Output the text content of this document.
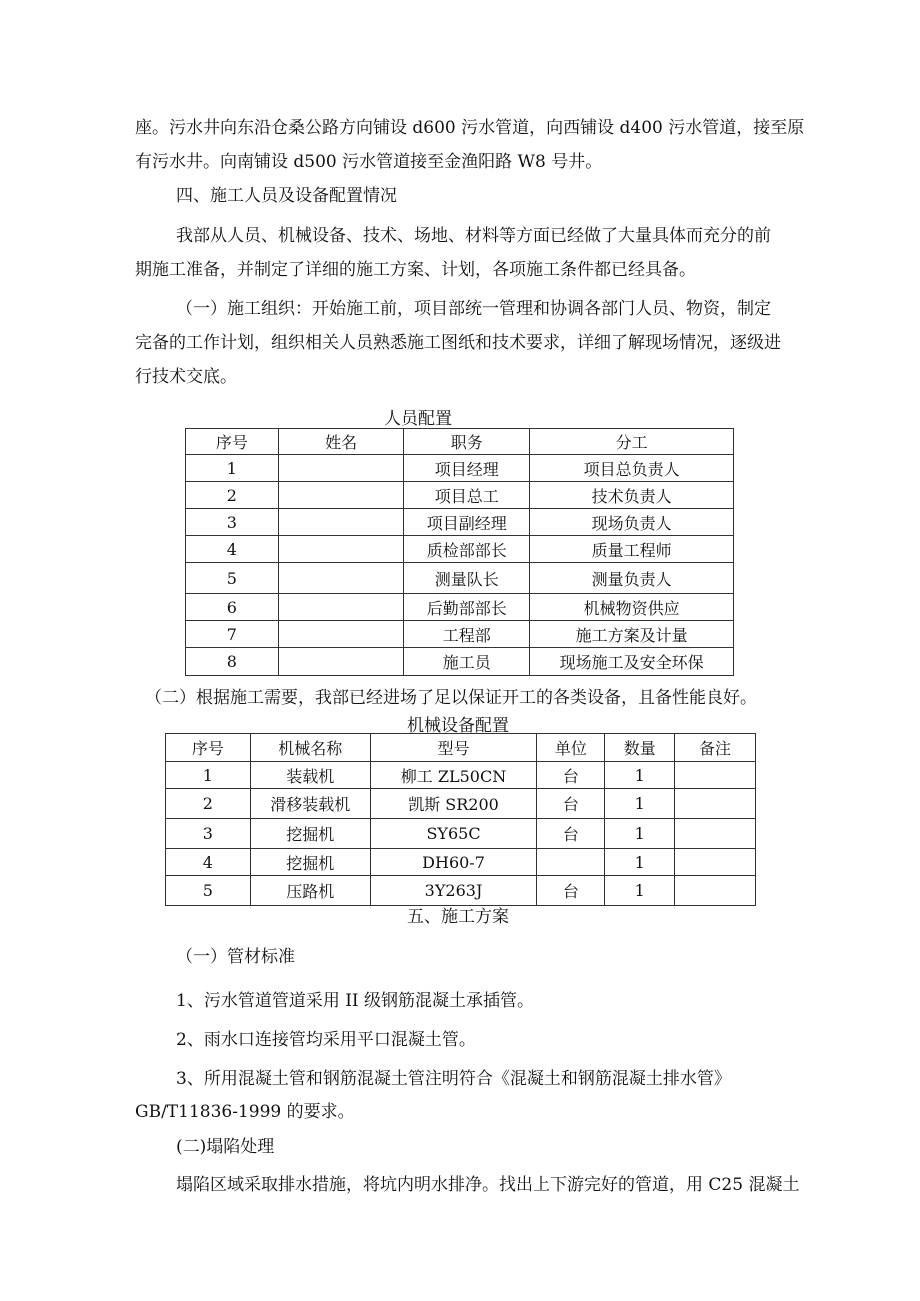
座。污水井向东沿仓桑公路方向铺设 d600 污水管道，向西铺设 d400 污水管道，接至原

有污水井。向南铺设 d500 污水管道接至金渔阳路 W8 号井。

四、施工人员及设备配置情况

我部从人员、机械设备、技术、场地、材料等方面已经做了大量具体而充分的前

期施工准备，并制定了详细的施工方案、计划，各项施工条件都已经具备。

（一）施工组织：开始施工前，项目部统一管理和协调各部门人员、物资，制定

完备的工作计划，组织相关人员熟悉施工图纸和技术要求，详细了解现场情况，逐级进

行技术交底。

人员配置
序号	姓名	职务	分工
1		项目经理	项目总负责人
2		项目总工	技术负责人
3		项目副经理	现场负责人
4		质检部部长	质量工程师
5		测量队长	测量负责人
6		后勤部部长	机械物资供应
7		工程部	施工方案及计量
8		施工员	现场施工及安全环保

（二）根据施工需要，我部已经进场了足以保证开工的各类设备，且备性能良好。

机械设备配置
序号	机械名称	型号	单位	数量	备注
1	装载机	柳工 ZL50CN	台	1	
2	滑移装载机	凯斯 SR200	台	1	
3	挖掘机	SY65C	台	1	
4	挖掘机	DH60-7		1	
5	压路机	3Y263J	台	1	

五、施工方案

（一）管材标准

1、污水管道管道采用 II 级钢筋混凝土承插管。

2、雨水口连接管均采用平口混凝土管。

3、所用混凝土管和钢筋混凝土管注明符合《混凝土和钢筋混凝土排水管》

GB/T11836-1999 的要求。

(二)塌陷处理

塌陷区域采取排水措施，将坑内明水排净。找出上下游完好的管道，用 C25 混凝土
